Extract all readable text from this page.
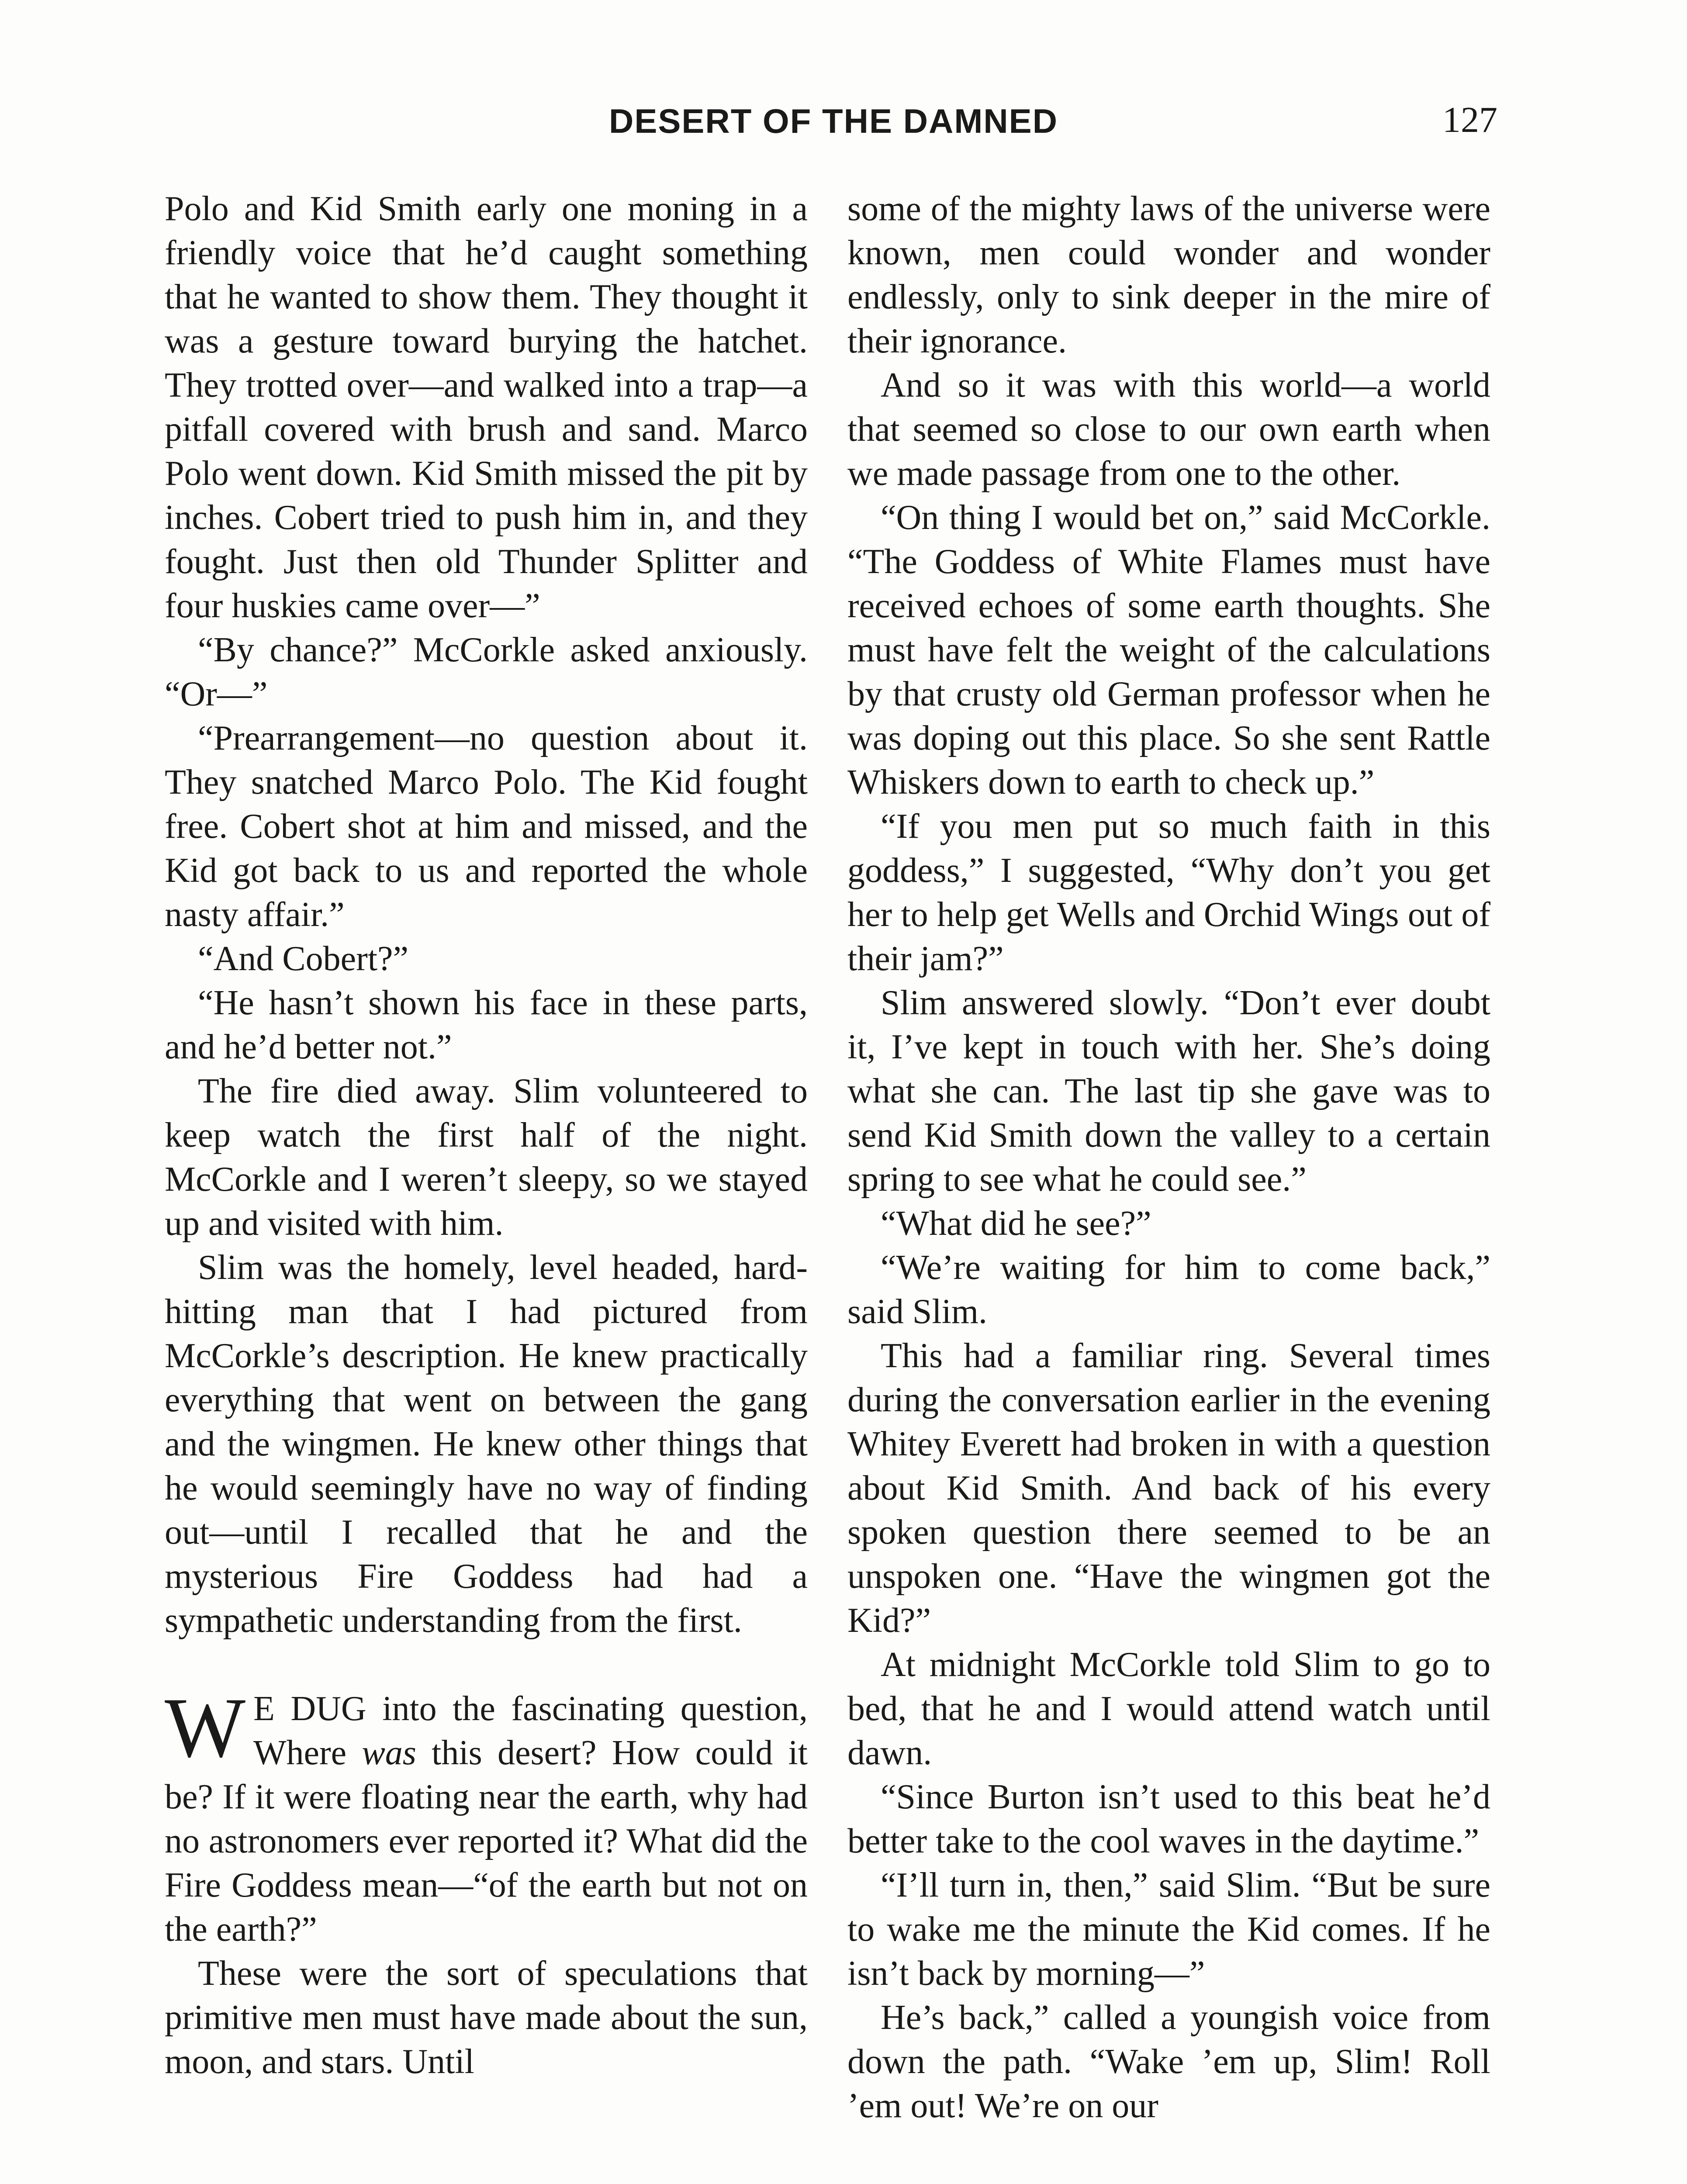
DESERT OF THE DAMNED	127

Polo and Kid Smith early one moning in a friendly voice that he’d caught something that he wanted to show them. They thought it was a gesture toward burying the hatchet. They trotted over—and walked into a trap—a pitfall covered with brush and sand. Marco Polo went down. Kid Smith missed the pit by inches. Cobert tried to push him in, and they fought. Just then old Thunder Splitter and four huskies came over—”

“By chance?” McCorkle asked anxiously. “Or—”

“Prearrangement—no question about it. They snatched Marco Polo. The Kid fought free. Cobert shot at him and missed, and the Kid got back to us and reported the whole nasty affair.”

“And Cobert?”

“He hasn’t shown his face in these parts, and he’d better not.”

The fire died away. Slim volunteered to keep watch the first half of the night. McCorkle and I weren’t sleepy, so we stayed up and visited with him.

Slim was the homely, level headed, hard-hitting man that I had pictured from McCorkle’s description. He knew practically everything that went on between the gang and the wingmen. He knew other things that he would seemingly have no way of finding out—until I recalled that he and the mysterious Fire Goddess had had a sympathetic understanding from the first.

W E DUG into the fascinating question, Where was this desert? How could it be? If it were floating near the earth, why had no astronomers ever reported it? What did the Fire Goddess mean—“of the earth but not on the earth?”

These were the sort of speculations that primitive men must have made about the sun, moon, and stars. Until

some of the mighty laws of the universe were known, men could wonder and wonder endlessly, only to sink deeper in the mire of their ignorance.

And so it was with this world—a world that seemed so close to our own earth when we made passage from one to the other.

“On thing I would bet on,” said McCorkle. “The Goddess of White Flames must have received echoes of some earth thoughts. She must have felt the weight of the calculations by that crusty old German professor when he was doping out this place. So she sent Rattle Whiskers down to earth to check up.”

“If you men put so much faith in this goddess,” I suggested, “Why don’t you get her to help get Wells and Orchid Wings out of their jam?”

Slim answered slowly. “Don’t ever doubt it, I’ve kept in touch with her. She’s doing what she can. The last tip she gave was to send Kid Smith down the valley to a certain spring to see what he could see.”

“What did he see?”

“We’re waiting for him to come back,” said Slim.

This had a familiar ring. Several times during the conversation earlier in the evening Whitey Everett had broken in with a question about Kid Smith. And back of his every spoken question there seemed to be an unspoken one. “Have the wingmen got the Kid?”

At midnight McCorkle told Slim to go to bed, that he and I would attend watch until dawn.

“Since Burton isn’t used to this beat he’d better take to the cool waves in the daytime.”

“I’ll turn in, then,” said Slim. “But be sure to wake me the minute the Kid comes. If he isn’t back by morning—”

He’s back,” called a youngish voice from down the path. “Wake ’em up, Slim! Roll ’em out! We’re on our
